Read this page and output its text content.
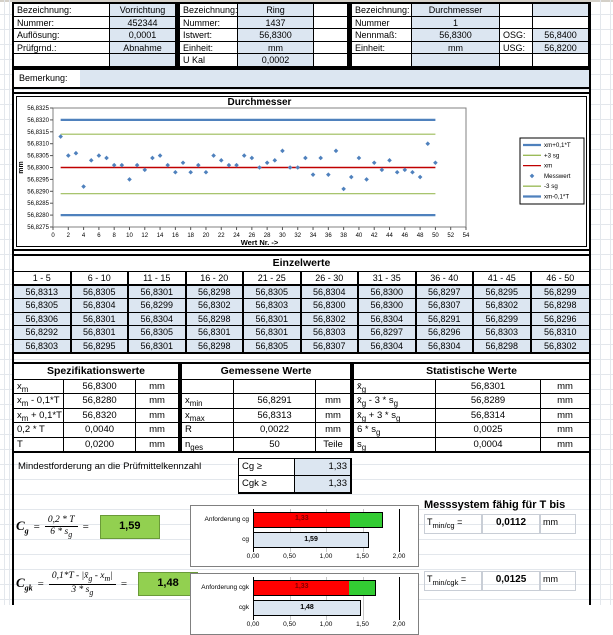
Bezeichnung:	Vorrichtung
Nummer:	452344
Auflösung:	0,0001
Prüfgrnd.:	Abnahme
Bezeichnung:	Ring
Nummer:	1437
Istwert:	56,8300
Einheit:	mm
U Kal	0,0002
Bezeichnung:	Durchmesser
Nummer	1
Nennmaß:	56,8300	OSG:	56,8400
Einheit:	mm	USG:	56,8200
Bemerkung:
Durchmesser
56,8275
56,8280
56,8285
56,8290
56,8295
56,8300
56,8305
56,8310
56,8315
56,8320
56,8325
0 2 4 6 8 10 12 14 16 18 20 22 24 26 28 30 32 34 36 38 40 42 44 46 48 50 52 54
mm
Wert Nr. ->
xm+0,1*T
+3 sg
xm
Messwert
-3 sg
xm-0,1*T
Einzelwerte
1 - 5	6 - 10	11 - 15	16 - 20	21 - 25	26 - 30	31 - 35	36 - 40	41 - 45	46 - 50
56,8313	56,8305	56,8301	56,8298	56,8305	56,8304	56,8300	56,8297	56,8295	56,8299
56,8305	56,8304	56,8299	56,8302	56,8303	56,8300	56,8300	56,8307	56,8302	56,8298
56,8306	56,8301	56,8304	56,8298	56,8301	56,8302	56,8304	56,8291	56,8299	56,8296
56,8292	56,8301	56,8305	56,8301	56,8301	56,8303	56,8297	56,8296	56,8303	56,8310
56,8303	56,8295	56,8301	56,8298	56,8305	56,8307	56,8304	56,8304	56,8298	56,8302
Spezifikationswerte
$x_m$	56,8300	mm
$x_m - 0,1*T$	56,8280	mm
$x_m + 0,1*T$	56,8320	mm
0,2 * T	0,0040	mm
T	0,0200	mm
Gemessene Werte
$x_{min}$	56,8291	mm
$x_{max}$	56,8313	mm
R	0,0022	mm
$n_{ges}$	50	Teile
Statistische Werte
$x̄_g$	56,8301	mm
$x̄_g - 3 * s_g$	56,8289	mm
$x̄_g + 3 * s_g$	56,8314	mm
$6 * s_g$	0,0025	mm
$s_g$	0,0004	mm
Mindestforderung an die Prüfmittelkennzahl	Cg ≥	1,33
Cgk ≥	1,33
$C_g = \frac{0,2 * T}{6 * s_g}$ =	1,59
$C_{gk} = \frac{0,1*T - |x̄_g - x_m|}{3 * s_g}$ =	1,48
Anforderung cg	1,33
cg	1,59
0,00	0,50	1,00	1,50	2,00
Anforderung cgk	1,33
cgk	1,48
0,00	0,50	1,00	1,50	2,00
Messsystem fähig für T bis
$T_{min/cg}$ =	0,0112	mm
$T_{min/cgk}$ =	0,0125	mm
